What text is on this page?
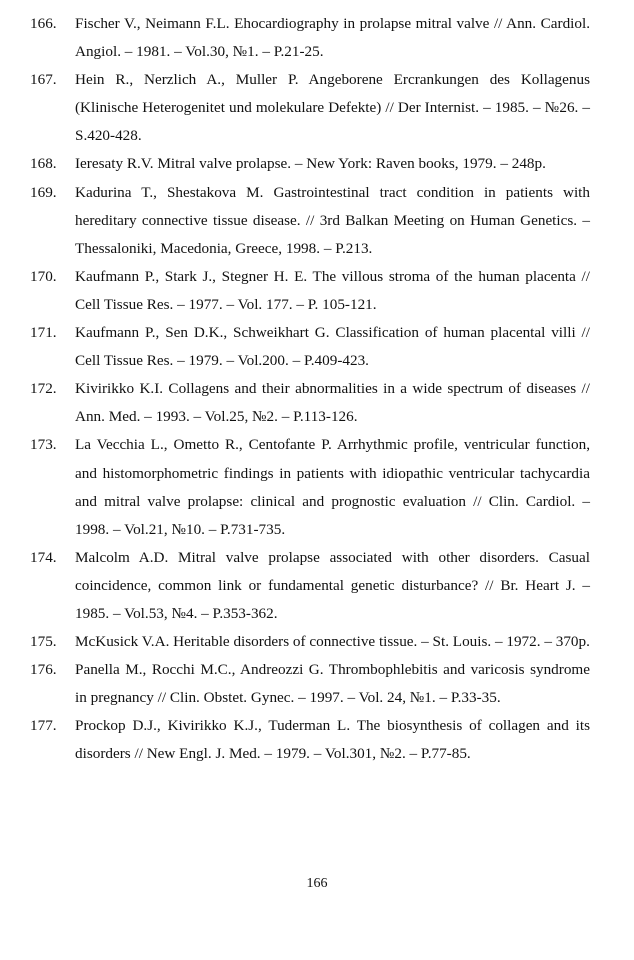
166. Fischer V., Neimann F.L. Ehocardiography in prolapse mitral valve // Ann. Cardiol. Angiol. – 1981. – Vol.30, №1. – P.21-25.
167. Hein R., Nerzlich A., Muller P. Angeborene Ercrankungen des Kollagenus (Klinische Heterogenitet und molekulare Defekte) // Der Internist. – 1985. – №26. – S.420-428.
168. Ieresaty R.V. Mitral valve prolapse. – New York: Raven books, 1979. – 248p.
169. Kadurina T., Shestakova M. Gastrointestinal tract condition in patients with hereditary connective tissue disease. // 3rd Balkan Meeting on Human Genetics. – Thessaloniki, Macedonia, Greece, 1998. – P.213.
170. Kaufmann P., Stark J., Stegner H. E. The villous stroma of the human placenta // Cell Tissue Res. – 1977. – Vol. 177. – P. 105-121.
171. Kaufmann P., Sen D.K., Schweikhart G. Classification of human placental villi // Cell Tissue Res. – 1979. – Vol.200. – P.409-423.
172. Kivirikko K.I. Collagens and their abnormalities in a wide spectrum of diseases // Ann. Med. – 1993. – Vol.25, №2. – P.113-126.
173. La Vecchia L., Ometto R., Centofante P. Arrhythmic profile, ventricular function, and histomorphometric findings in patients with idiopathic ventricular tachycardia and mitral valve prolapse: clinical and prognostic evaluation // Clin. Cardiol. – 1998. – Vol.21, №10. – P.731-735.
174. Malcolm A.D. Mitral valve prolapse associated with other disorders. Casual coincidence, common link or fundamental genetic disturbance? // Br. Heart J. – 1985. – Vol.53, №4. – P.353-362.
175. McKusick V.A. Heritable disorders of connective tissue. – St. Louis. – 1972. – 370p.
176. Panella M., Rocchi M.C., Andreozzi G. Thrombophlebitis and varicosis syndrome in pregnancy // Clin. Obstet. Gynec. – 1997. – Vol. 24, №1. – P.33-35.
177. Prockop D.J., Kivirikko K.J., Tuderman L. The biosynthesis of collagen and its disorders // New Engl. J. Med. – 1979. – Vol.301, №2. – P.77-85.
166
